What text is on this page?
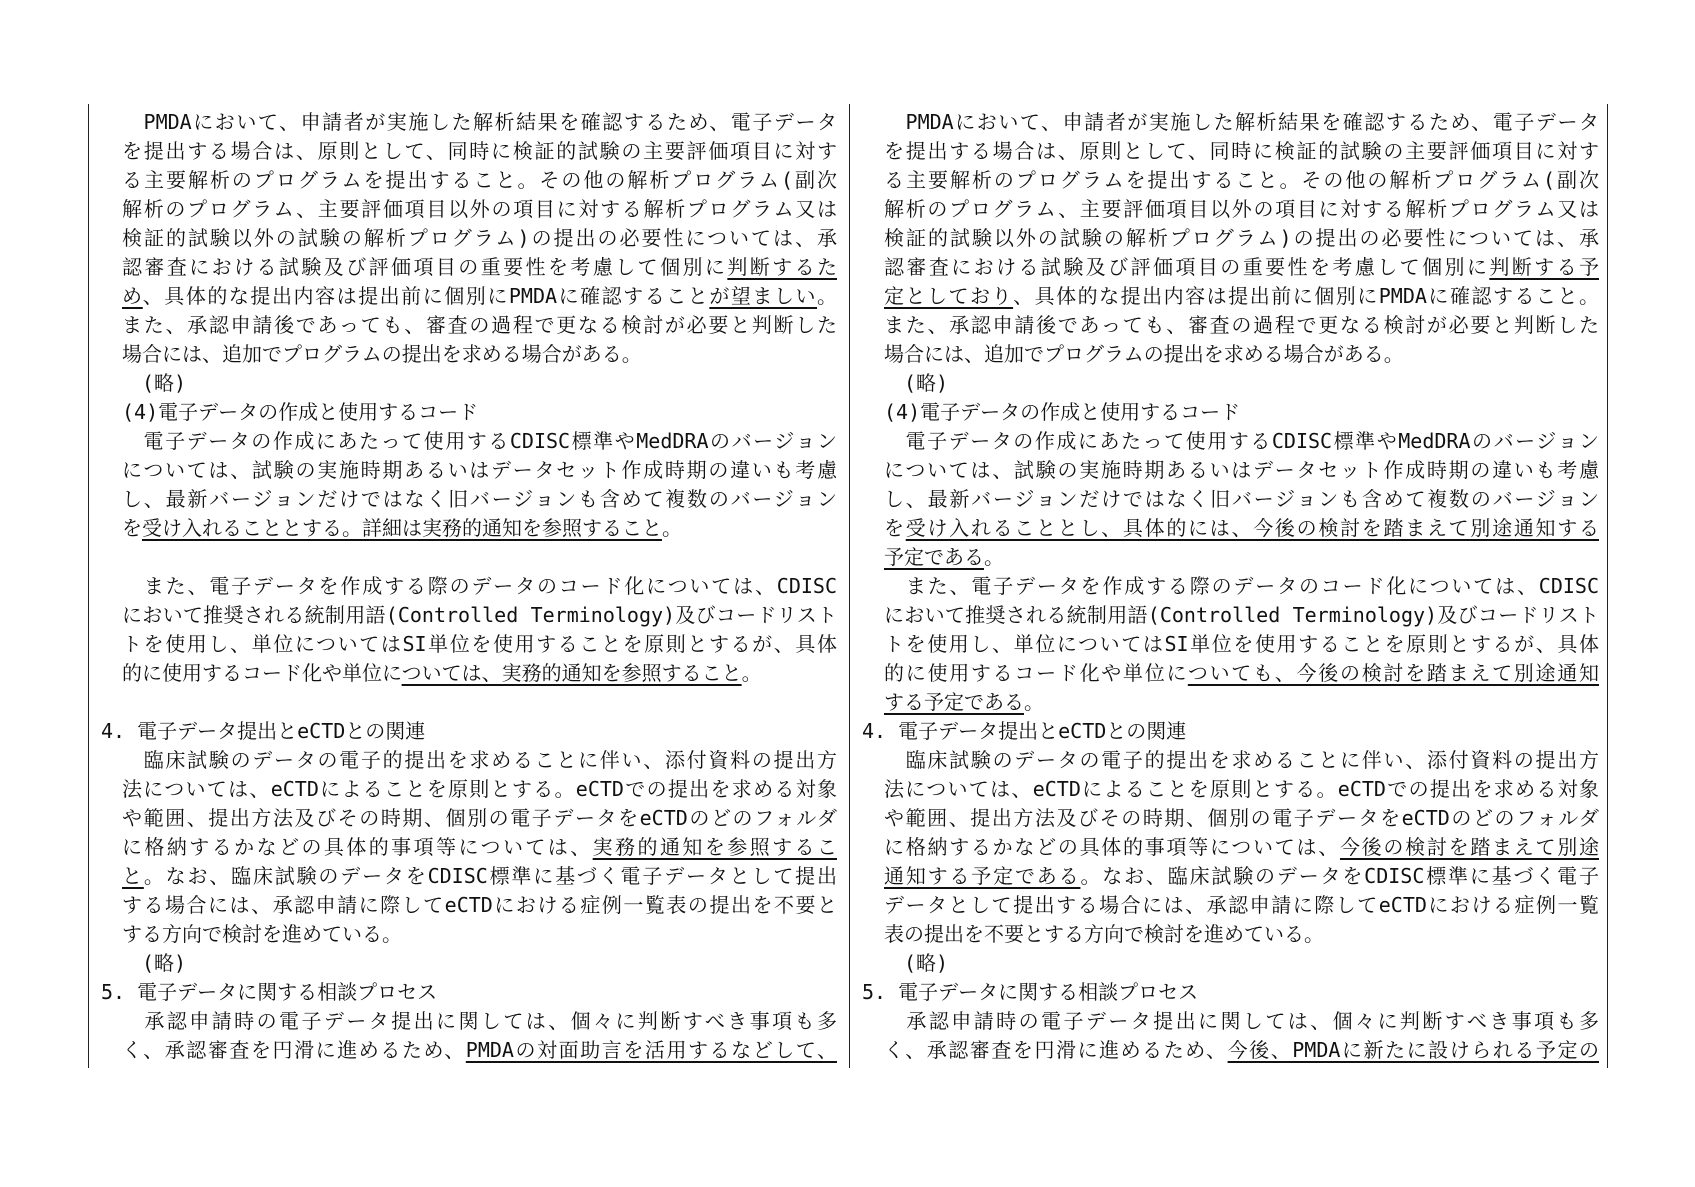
　PMDAにおいて、申請者が実施した解析結果を確認するため、電子データ
を提出する場合は、原則として、同時に検証的試験の主要評価項目に対す
る主要解析のプログラムを提出すること。その他の解析プログラム(副次
解析のプログラム、主要評価項目以外の項目に対する解析プログラム又は
検証的試験以外の試験の解析プログラム)の提出の必要性については、承
認審査における試験及び評価項目の重要性を考慮して個別に判断するた
め、具体的な提出内容は提出前に個別にPMDAに確認することが望ましい。
また、承認申請後であっても、審査の過程で更なる検討が必要と判断した
場合には、追加でプログラムの提出を求める場合がある。
　(略)
(4)電子データの作成と使用するコード
　電子データの作成にあたって使用するCDISC標準やMedDRAのバージョン
については、試験の実施時期あるいはデータセット作成時期の違いも考慮
し、最新バージョンだけではなく旧バージョンも含めて複数のバージョン
を受け入れることとする。詳細は実務的通知を参照すること。
　また、電子データを作成する際のデータのコード化については、CDISC
において推奨される統制用語(Controlled Terminology)及びコードリスト
トを使用し、単位についてはSI単位を使用することを原則とするが、具体
的に使用するコード化や単位については、実務的通知を参照すること。
4. 電子データ提出とeCTDとの関連
　臨床試験のデータの電子的提出を求めることに伴い、添付資料の提出方
法については、eCTDによることを原則とする。eCTDでの提出を求める対象
や範囲、提出方法及びその時期、個別の電子データをeCTDのどのフォルダ
に格納するかなどの具体的事項等については、実務的通知を参照するこ
と。なお、臨床試験のデータをCDISC標準に基づく電子データとして提出
する場合には、承認申請に際してeCTDにおける症例一覧表の提出を不要と
する方向で検討を進めている。
　(略)
5. 電子データに関する相談プロセス
　承認申請時の電子データ提出に関しては、個々に判断すべき事項も多
く、承認審査を円滑に進めるため、PMDAの対面助言を活用するなどして、
　PMDAにおいて、申請者が実施した解析結果を確認するため、電子データ
を提出する場合は、原則として、同時に検証的試験の主要評価項目に対す
る主要解析のプログラムを提出すること。その他の解析プログラム(副次
解析のプログラム、主要評価項目以外の項目に対する解析プログラム又は
検証的試験以外の試験の解析プログラム)の提出の必要性については、承
認審査における試験及び評価項目の重要性を考慮して個別に判断する予
定としており、具体的な提出内容は提出前に個別にPMDAに確認すること。
また、承認申請後であっても、審査の過程で更なる検討が必要と判断した
場合には、追加でプログラムの提出を求める場合がある。
　(略)
(4)電子データの作成と使用するコード
　電子データの作成にあたって使用するCDISC標準やMedDRAのバージョン
については、試験の実施時期あるいはデータセット作成時期の違いも考慮
し、最新バージョンだけではなく旧バージョンも含めて複数のバージョン
を受け入れることとし、具体的には、今後の検討を踏まえて別途通知する
予定である。
　また、電子データを作成する際のデータのコード化については、CDISC
において推奨される統制用語(Controlled Terminology)及びコードリスト
トを使用し、単位についてはSI単位を使用することを原則とするが、具体
的に使用するコード化や単位についても、今後の検討を踏まえて別途通知
する予定である。
4. 電子データ提出とeCTDとの関連
　臨床試験のデータの電子的提出を求めることに伴い、添付資料の提出方
法については、eCTDによることを原則とする。eCTDでの提出を求める対象
や範囲、提出方法及びその時期、個別の電子データをeCTDのどのフォルダ
に格納するかなどの具体的事項等については、今後の検討を踏まえて別途
通知する予定である。なお、臨床試験のデータをCDISC標準に基づく電子
データとして提出する場合には、承認申請に際してeCTDにおける症例一覧
表の提出を不要とする方向で検討を進めている。
　(略)
5. 電子データに関する相談プロセス
　承認申請時の電子データ提出に関しては、個々に判断すべき事項も多
く、承認審査を円滑に進めるため、今後、PMDAに新たに設けられる予定の
